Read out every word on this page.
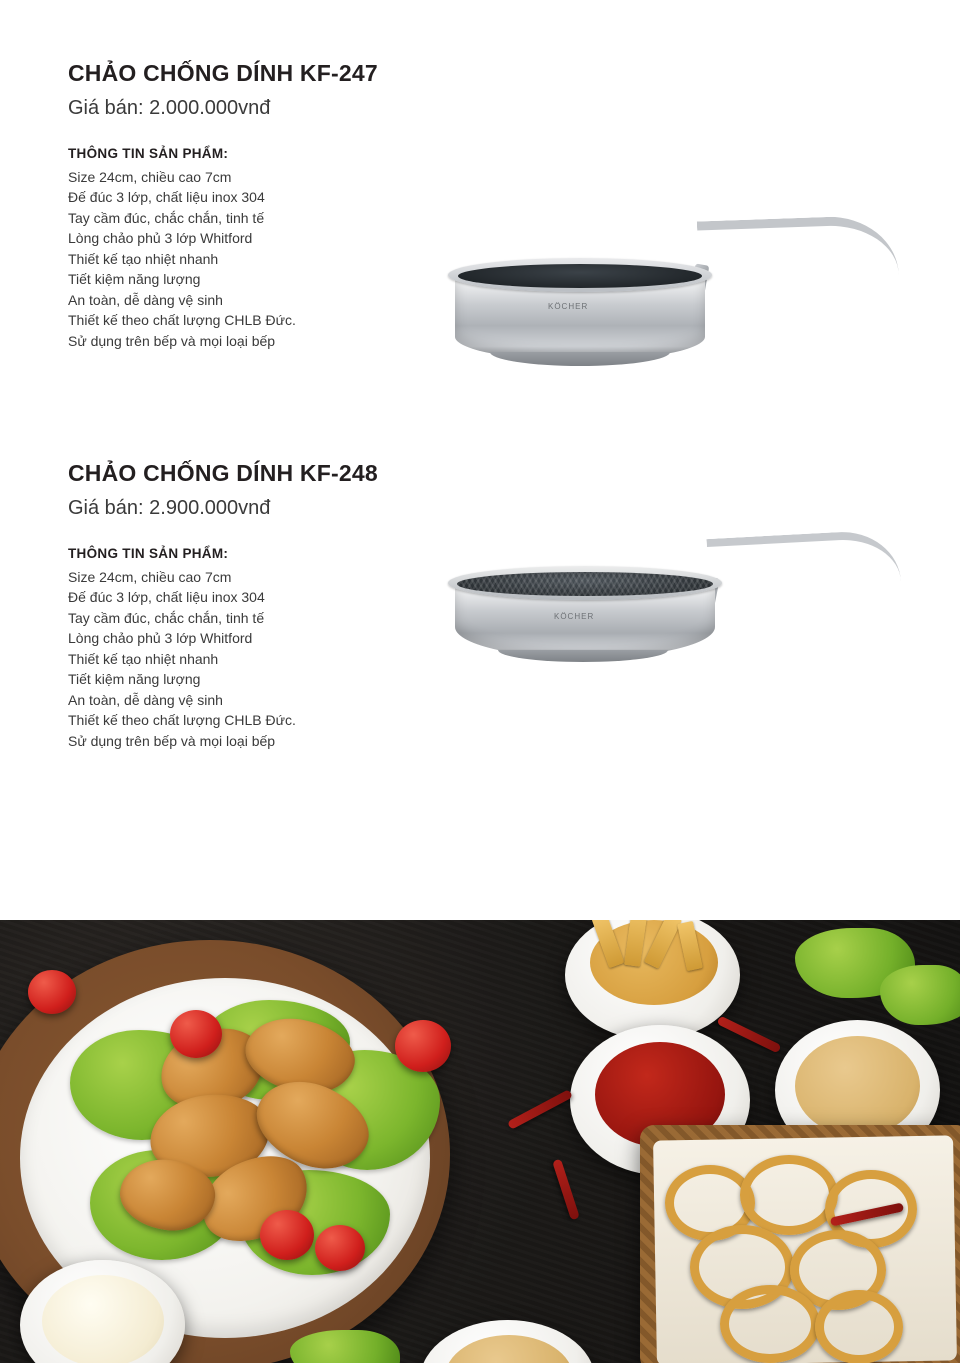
CHẢO CHỐNG DÍNH KF-247

Giá bán: 2.000.000vnđ

THÔNG TIN SẢN PHẨM:

Size 24cm, chiều cao 7cm
Đế đúc 3 lớp, chất liệu inox 304
Tay cầm đúc, chắc chắn, tinh tế
Lòng chảo phủ 3 lớp Whitford
Thiết kế tạo nhiệt nhanh
Tiết kiệm năng lượng
An toàn, dễ dàng vệ sinh
Thiết kế theo chất lượng CHLB Đức.
Sử dụng trên bếp và mọi loại bếp
KÖCHER
CHẢO CHỐNG DÍNH KF-248

Giá bán: 2.900.000vnđ

THÔNG TIN SẢN PHẨM:

Size 24cm, chiều cao 7cm
Đế đúc 3 lớp, chất liệu inox 304
Tay cầm đúc, chắc chắn, tinh tế
Lòng chảo phủ 3 lớp Whitford
Thiết kế tạo nhiệt nhanh
Tiết kiệm năng lượng
An toàn, dễ dàng vệ sinh
Thiết kế theo chất lượng CHLB Đức.
Sử dụng trên bếp và mọi loại bếp
KÖCHER
